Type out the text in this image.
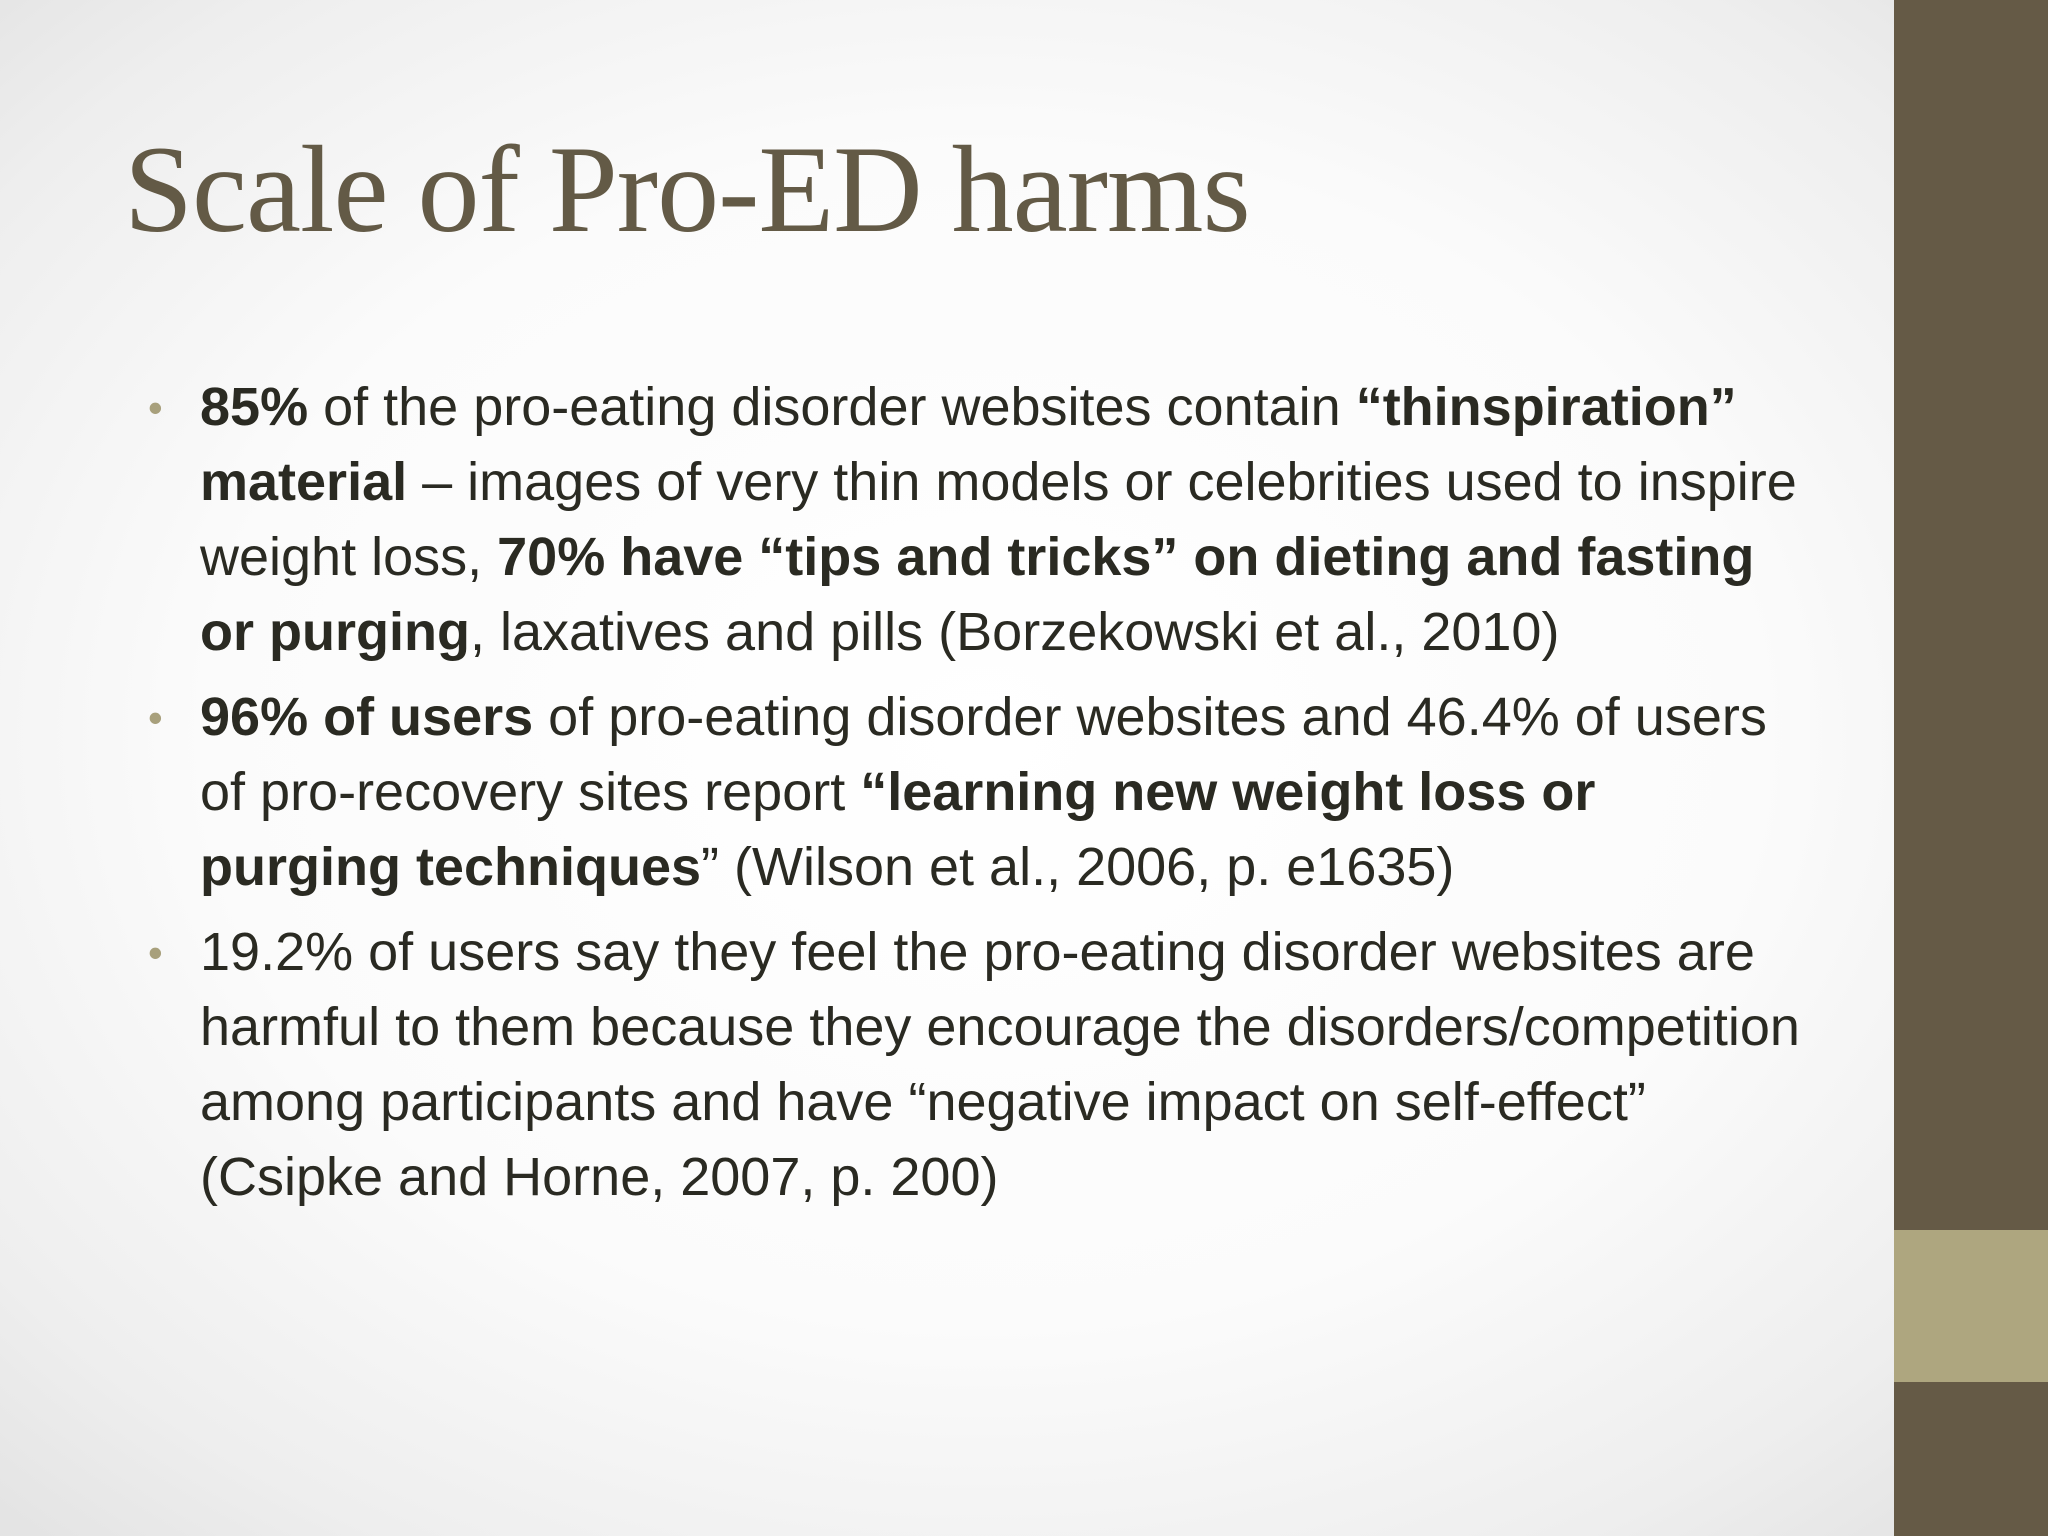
Scale of Pro-ED harms
• 85% of the pro-eating disorder websites contain “thinspiration” material – images of very thin models or celebrities used to inspire weight loss, 70% have “tips and tricks” on dieting and fasting or purging, laxatives and pills (Borzekowski et al., 2010)
• 96% of users of pro-eating disorder websites and 46.4% of users of pro-recovery sites report “learning new weight loss or purging techniques” (Wilson et al., 2006, p. e1635)
• 19.2% of users say they feel the pro-eating disorder websites are harmful to them because they encourage the disorders/competition among participants and have “negative impact on self-effect” (Csipke and Horne, 2007, p. 200)
